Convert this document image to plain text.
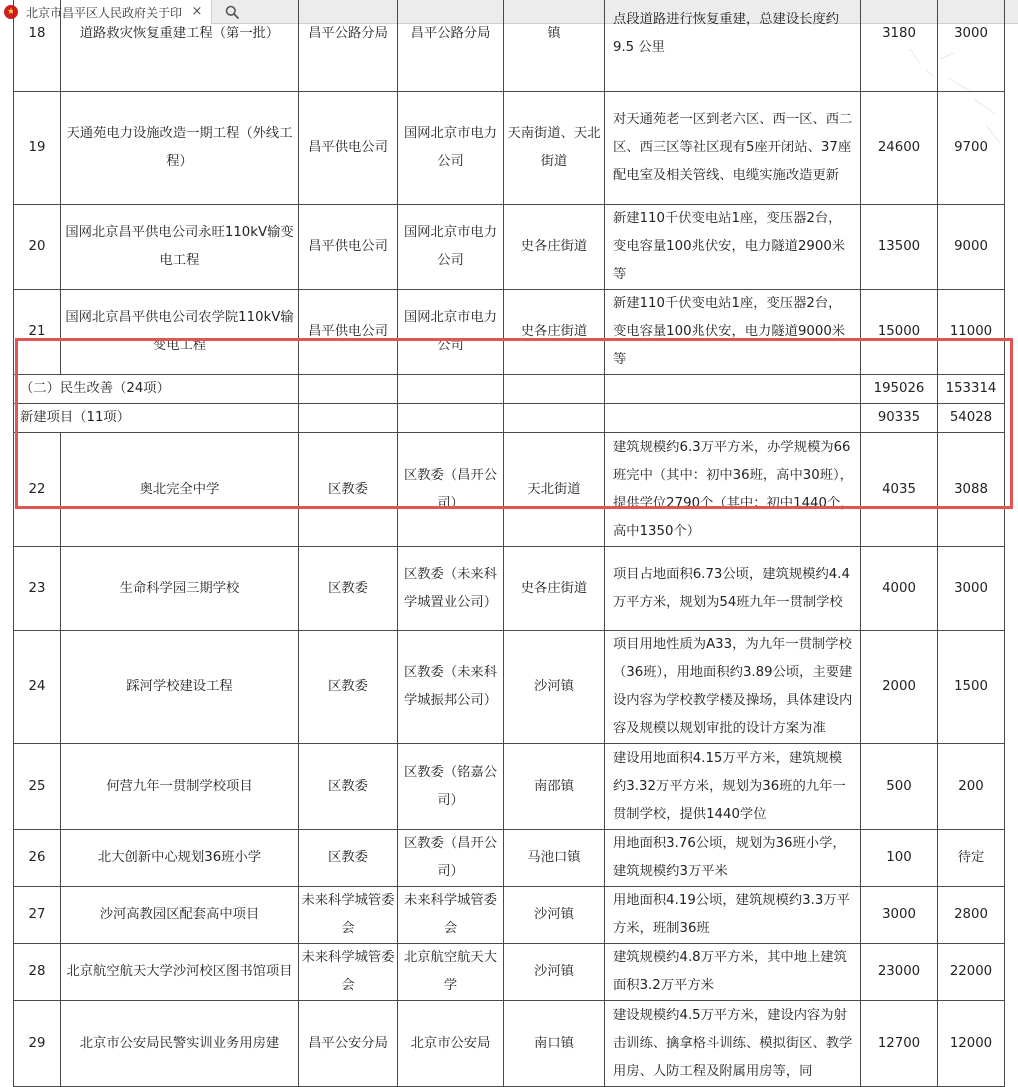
★ 北京市昌平区人民政府关于印 ×
18	道路救灾恢复重建工程（第一批）	昌平公路分局	昌平公路分局	镇	点段道路进行恢复重建，总建设长度约9.5 公里	3180	3000
19	天通苑电力设施改造一期工程（外线工程）	昌平供电公司	国网北京市电力公司	天南街道、天北街道	对天通苑老一区到老六区、西一区、西二区、西三区等社区现有5座开闭站、37座配电室及相关管线、电缆实施改造更新	24600	9700
20	国网北京昌平供电公司永旺110kV输变电工程	昌平供电公司	国网北京市电力公司	史各庄街道	新建110千伏变电站1座，变压器2台，变电容量100兆伏安，电力隧道2900米等	13500	9000
21	国网北京昌平供电公司农学院110kV输变电工程	昌平供电公司	国网北京市电力公司	史各庄街道	新建110千伏变电站1座，变压器2台，变电容量100兆伏安，电力隧道9000米等	15000	11000
（二）民生改善（24项）						195026	153314
新建项目（11项）						90335	54028
22	奥北完全中学	区教委	区教委（昌开公司）	天北街道	建筑规模约6.3万平方米，办学规模为66班完中（其中：初中36班，高中30班），提供学位2790个（其中：初中1440个，高中1350个）	4035	3088
23	生命科学园三期学校	区教委	区教委（未来科学城置业公司）	史各庄街道	项目占地面积6.73公顷，建筑规模约4.4万平方米，规划为54班九年一贯制学校	4000	3000
24	踩河学校建设工程	区教委	区教委（未来科学城振邦公司）	沙河镇	项目用地性质为A33，为九年一贯制学校（36班），用地面积约3.89公顷，主要建设内容为学校教学楼及操场，具体建设内容及规模以规划审批的设计方案为准	2000	1500
25	何营九年一贯制学校项目	区教委	区教委（铭嘉公司）	南邵镇	建设用地面积4.15万平方米，建筑规模约3.32万平方米，规划为36班的九年一贯制学校，提供1440学位	500	200
26	北大创新中心规划36班小学	区教委	区教委（昌开公司）	马池口镇	用地面积3.76公顷，规划为36班小学，建筑规模约3万平米	100	待定
27	沙河高教园区配套高中项目	未来科学城管委会	未来科学城管委会	沙河镇	用地面积4.19公顷，建筑规模约3.3万平方米，班制36班	3000	2800
28	北京航空航天大学沙河校区图书馆项目	未来科学城管委会	北京航空航天大学	沙河镇	建筑规模约4.8万平方米，其中地上建筑面积3.2万平方米	23000	22000
29	北京市公安局民警实训业务用房建	昌平公安分局	北京市公安局	南口镇	建设规模约4.5万平方米，建设内容为射击训练、擒拿格斗训练、模拟街区、教学用房、人防工程及附属用房等，同	12700	12000
